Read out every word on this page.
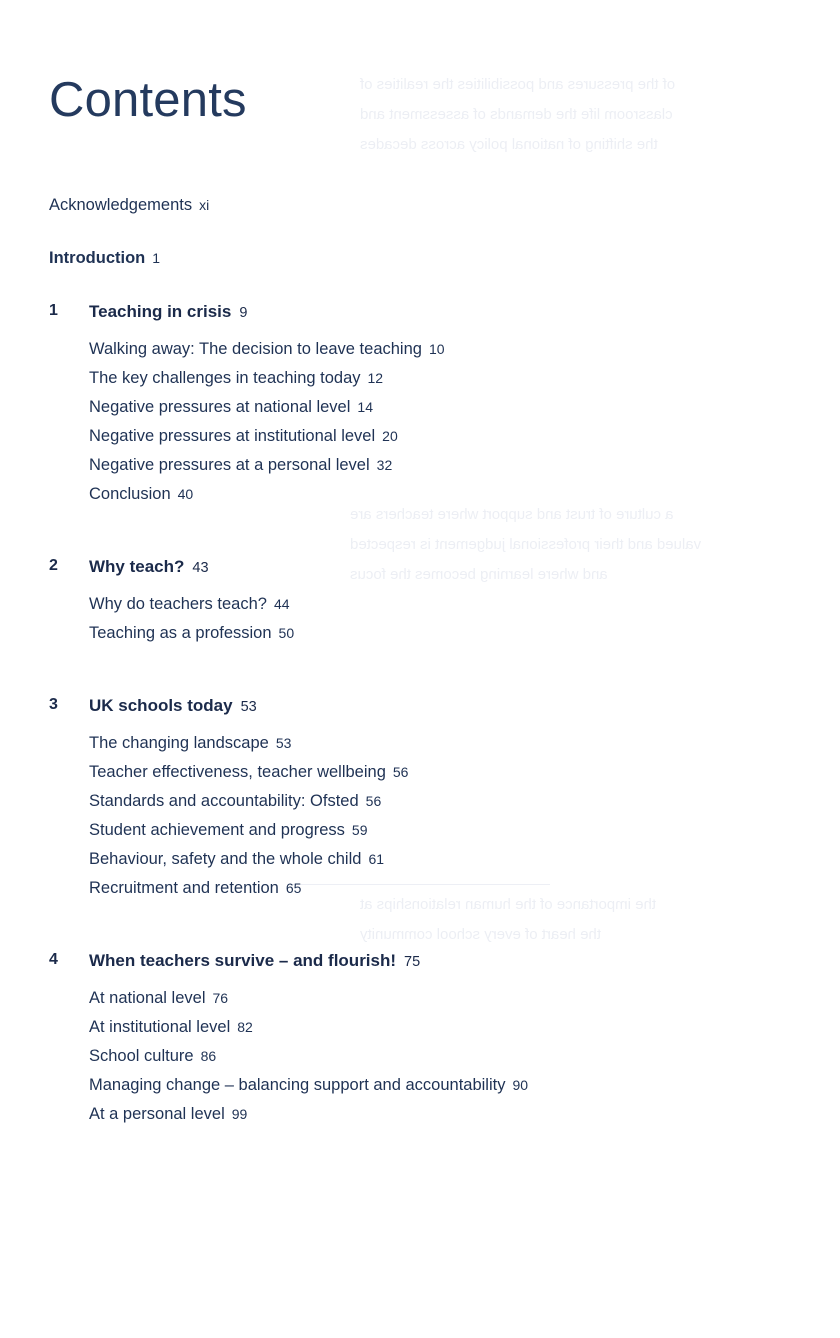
of the pressures and possibilities the realities of classroom life the demands of assessment and the shifting of national policy across decades
a culture of trust and support where teachers are valued and their professional judgement is respected and where learning becomes the focus
the importance of the human relationships at the heart of every school community
Contents
Acknowledgements xi
Introduction 1
1 Teaching in crisis 9
Walking away: The decision to leave teaching 10
The key challenges in teaching today 12
Negative pressures at national level 14
Negative pressures at institutional level 20
Negative pressures at a personal level 32
Conclusion 40
2 Why teach? 43
Why do teachers teach? 44
Teaching as a profession 50
3 UK schools today 53
The changing landscape 53
Teacher effectiveness, teacher wellbeing 56
Standards and accountability: Ofsted 56
Student achievement and progress 59
Behaviour, safety and the whole child 61
Recruitment and retention 65
4 When teachers survive – and flourish! 75
At national level 76
At institutional level 82
School culture 86
Managing change – balancing support and accountability 90
At a personal level 99
